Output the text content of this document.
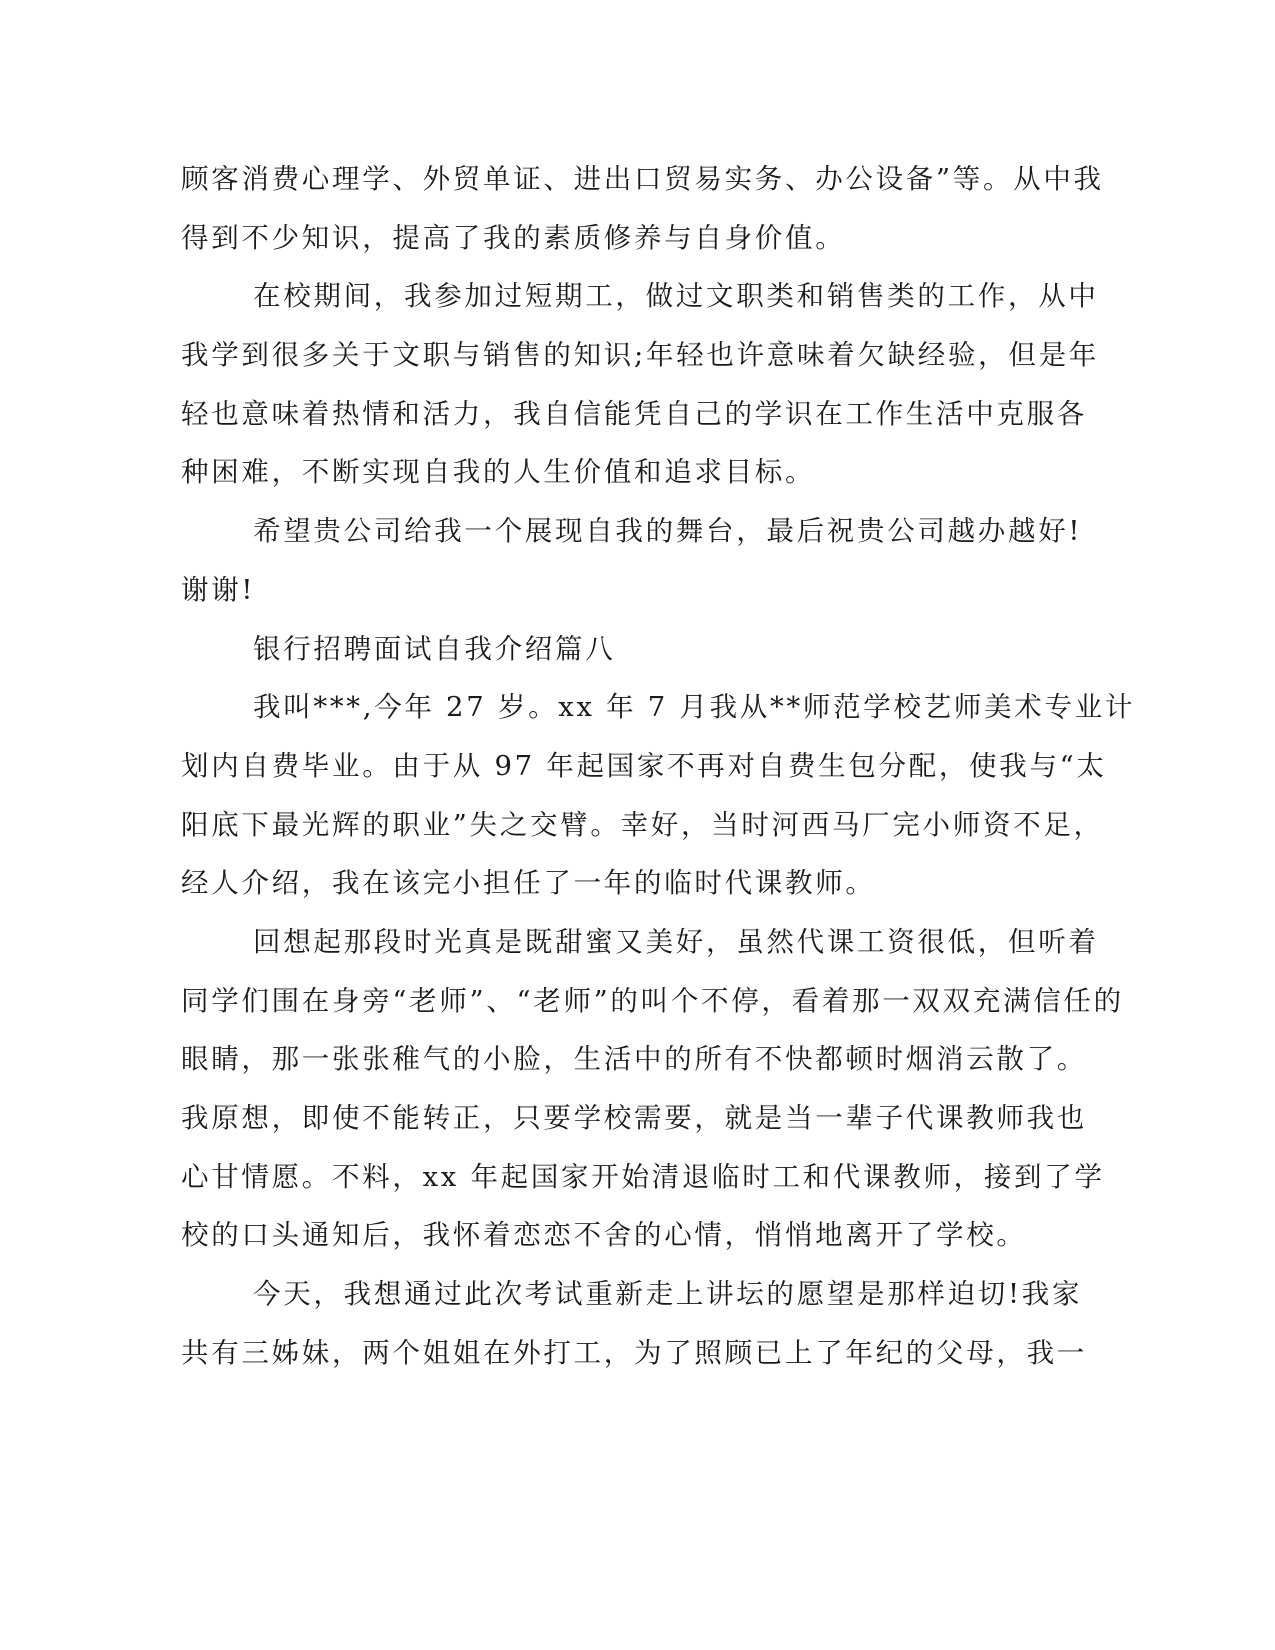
顾客消费心理学、外贸单证、进出口贸易实务、办公设备”等。从中我
得到不少知识，提高了我的素质修养与自身价值。
在校期间，我参加过短期工，做过文职类和销售类的工作，从中
我学到很多关于文职与销售的知识;年轻也许意味着欠缺经验，但是年
轻也意味着热情和活力，我自信能凭自己的学识在工作生活中克服各
种困难，不断实现自我的人生价值和追求目标。
希望贵公司给我一个展现自我的舞台，最后祝贵公司越办越好!
谢谢!
银行招聘面试自我介绍篇八
我叫***,今年 27 岁。xx 年 7 月我从**师范学校艺师美术专业计
划内自费毕业。由于从 97 年起国家不再对自费生包分配，使我与“太
阳底下最光辉的职业”失之交臂。幸好，当时河西马厂完小师资不足，
经人介绍，我在该完小担任了一年的临时代课教师。
回想起那段时光真是既甜蜜又美好，虽然代课工资很低，但听着
同学们围在身旁“老师”、“老师”的叫个不停，看着那一双双充满信任的
眼睛，那一张张稚气的小脸，生活中的所有不快都顿时烟消云散了。
我原想，即使不能转正，只要学校需要，就是当一辈子代课教师我也
心甘情愿。不料，xx 年起国家开始清退临时工和代课教师，接到了学
校的口头通知后，我怀着恋恋不舍的心情，悄悄地离开了学校。
今天，我想通过此次考试重新走上讲坛的愿望是那样迫切!我家
共有三姊妹，两个姐姐在外打工，为了照顾已上了年纪的父母，我一
